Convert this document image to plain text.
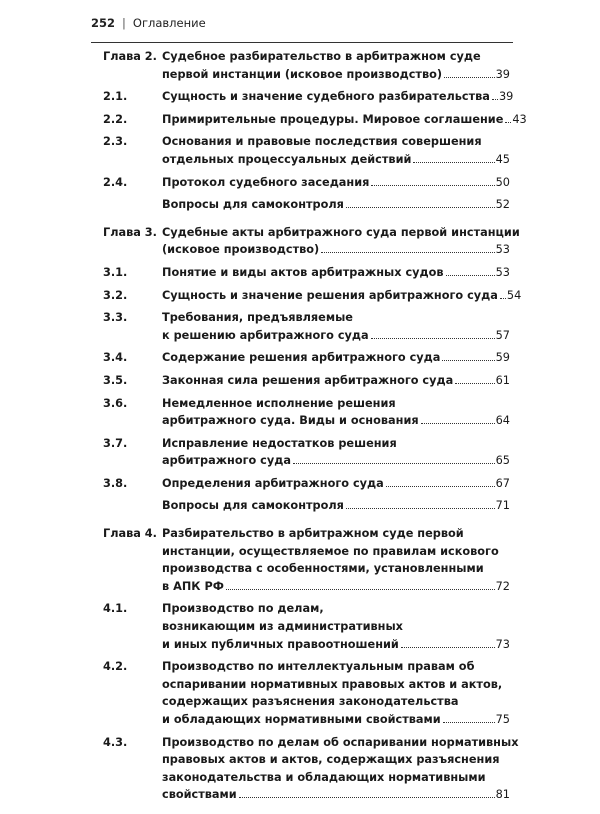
252 | Оглавление
Глава 2. Судебное разбирательство в арбитражном суде
первой инстанции (исковое производство)	39
2.1.	Сущность и значение судебного разбирательства 39
2.2.	Примирительные процедуры. Мировое соглашение 43
2.3.	Основания и правовые последствия совершения
отдельных процессуальных действий	45
2.4.	Протокол судебного заседания	50
Вопросы для самоконтроля	52
Глава 3. Судебные акты арбитражного суда первой инстанции
(исковое производство)	53
3.1.	Понятие и виды актов арбитражных судов	53
3.2.	Сущность и значение решения арбитражного суда 54
3.3.	Требования, предъявляемые
к решению арбитражного суда	57
3.4.	Содержание решения арбитражного суда	59
3.5.	Законная сила решения арбитражного суда	61
3.6.	Немедленное исполнение решения
арбитражного суда. Виды и основания	64
3.7.	Исправление недостатков решения
арбитражного суда	65
3.8.	Определения арбитражного суда	67
Вопросы для самоконтроля	71
Глава 4. Разбирательство в арбитражном суде первой
инстанции, осуществляемое по правилам искового
производства с особенностями, установленными
в АПК РФ	72
4.1.	Производство по делам,
возникающим из административных
и иных публичных правоотношений	73
4.2.	Производство по интеллектуальным правам об
оспаривании нормативных правовых актов и актов,
содержащих разъяснения законодательства
и обладающих нормативными свойствами	75
4.3.	Производство по делам об оспаривании нормативных
правовых актов и актов, содержащих разъяснения
законодательства и обладающих нормативными
свойствами	81
